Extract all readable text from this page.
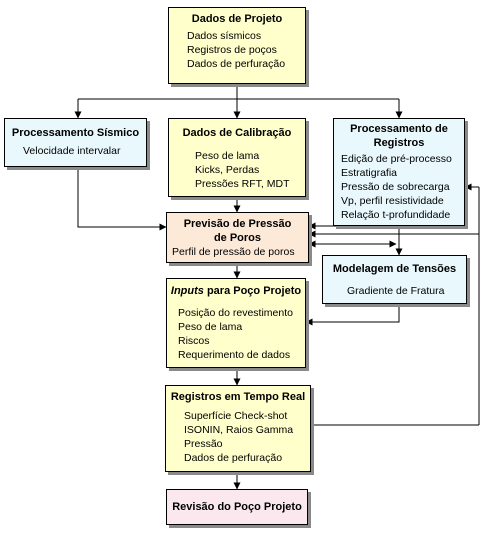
Dados de Projeto
Dados sísmicos
Registros de poços
Dados de perfuração
Processamento Sísmico
Velocidade intervalar
Dados de Calibração
Peso de lama
Kicks, Perdas
Pressões RFT, MDT
Processamento de
Registros
Edição de pré-processo
Estratigrafia
Pressão de sobrecarga
Vp, perfil resistividade
Relação t-profundidade
Previsão de Pressão
de Poros
Perfil de pressão de poros
Modelagem de Tensões
Gradiente de Fratura
Inputs para Poço Projeto
Posição do revestimento
Peso de lama
Riscos
Requerimento de dados
Registros em Tempo Real
Superfície Check-shot
ISONIN, Raios Gamma
Pressão
Dados de perfuração
Revisão do Poço Projeto
